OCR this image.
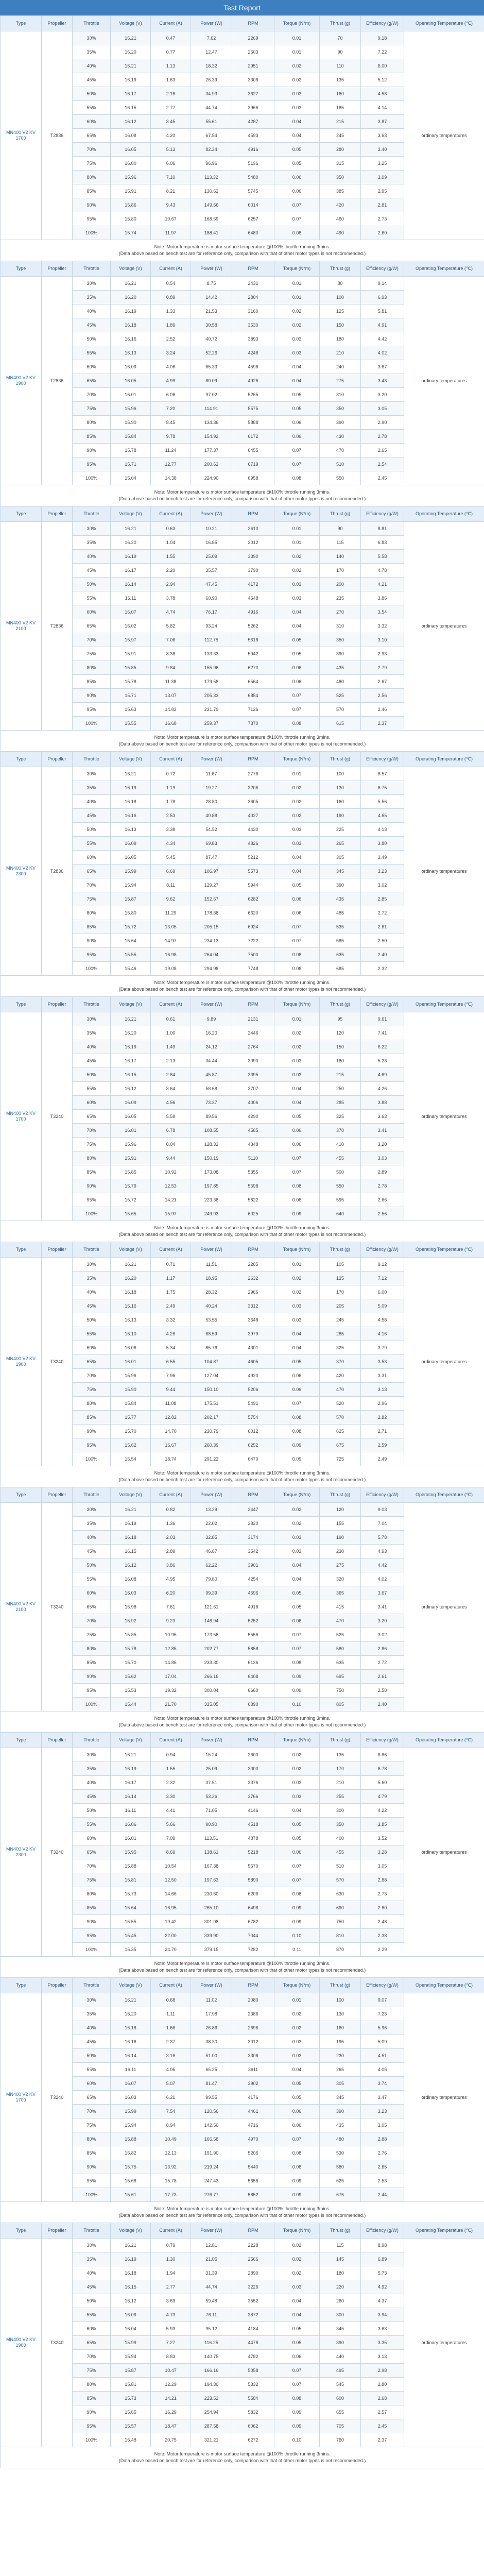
Test Report
Type	Propeller	Throttle	Voltage (V)	Current (A)	Power (W)	RPM	Torque (N*m)	Thrust (g)	Efficiency (g/W)	Operating Temperature (℃)
MN400 V2 KV 1700	T2836	30%	16.21	0.47	7.62	2269	0.01	70	9.18	ordinary temperatures
		35%	16.20	0.77	12.47	2603	0.01	90	7.22	
		40%	16.21	1.13	18.32	2951	0.02	110	6.00	
		45%	16.19	1.63	26.39	3306	0.02	135	5.12	
		50%	16.17	2.16	34.93	3627	0.03	160	4.58	
		55%	16.15	2.77	44.74	3966	0.03	185	4.14	
		60%	16.12	3.45	55.61	4287	0.04	215	3.87	
		65%	16.08	4.20	67.54	4593	0.04	245	3.63	
		70%	16.05	5.13	82.34	4916	0.05	280	3.40	
		75%	16.00	6.06	96.96	5196	0.05	315	3.25	
		80%	15.96	7.10	113.32	5480	0.06	350	3.09	
		85%	15.91	8.21	130.62	5745	0.06	385	2.95	
		90%	15.86	9.43	149.56	6014	0.07	420	2.81	
		95%	15.80	10.67	168.59	6257	0.07	460	2.73	
		100%	15.74	11.97	188.41	6480	0.08	490	2.60	

Note: Motor temperature is motor surface temperature @100% throttle running 3mins.
(Data above based on bench test are for reference only, comparison with that of other motor types is not recommended.)										

Type	Propeller	Throttle	Voltage (V)	Current (A)	Power (W)	RPM	Torque (N*m)	Thrust (g)	Efficiency (g/W)	Operating Temperature (℃)
MN400 V2 KV 1900	T2836	30%	16.21	0.54	8.75	2431	0.01	80	9.14	ordinary temperatures
		35%	16.20	0.89	14.42	2804	0.01	100	6.93	
		40%	16.19	1.33	21.53	3160	0.02	125	5.81	
		45%	16.18	1.89	30.58	3530	0.02	150	4.91	
		50%	16.16	2.52	40.72	3893	0.03	180	4.42	
		55%	16.13	3.24	52.26	4248	0.03	210	4.02	
		60%	16.09	4.06	65.33	4598	0.04	240	3.67	
		65%	16.05	4.99	80.09	4926	0.04	275	3.43	
		70%	16.01	6.06	97.02	5265	0.05	310	3.20	
		75%	15.96	7.20	114.91	5575	0.05	350	3.05	
		80%	15.90	8.45	134.36	5888	0.06	390	2.90	
		85%	15.84	9.78	154.92	6172	0.06	430	2.78	
		90%	15.78	11.24	177.37	6455	0.07	470	2.65	
		95%	15.71	12.77	200.62	6719	0.07	510	2.54	
		100%	15.64	14.38	224.90	6958	0.08	550	2.45	

Note: Motor temperature is motor surface temperature @100% throttle running 3mins.
(Data above based on bench test are for reference only, comparison with that of other motor types is not recommended.)										

Type	Propeller	Throttle	Voltage (V)	Current (A)	Power (W)	RPM	Torque (N*m)	Thrust (g)	Efficiency (g/W)	Operating Temperature (℃)
MN400 V2 KV 2100	T2836	30%	16.21	0.63	10.21	2610	0.01	90	8.81	ordinary temperatures
		35%	16.20	1.04	16.85	3012	0.01	115	6.83	
		40%	16.19	1.55	25.09	3390	0.02	140	5.58	
		45%	16.17	2.20	35.57	3790	0.02	170	4.78	
		50%	16.14	2.94	47.45	4172	0.03	200	4.21	
		55%	16.11	3.78	60.90	4548	0.03	235	3.86	
		60%	16.07	4.74	76.17	4916	0.04	270	3.54	
		65%	16.02	5.82	93.24	5262	0.04	310	3.32	
		70%	15.97	7.06	112.75	5618	0.05	350	3.10	
		75%	15.91	8.38	133.33	5942	0.05	390	2.93	
		80%	15.85	9.84	155.96	6270	0.06	435	2.79	
		85%	15.78	11.38	179.58	6564	0.06	480	2.67	
		90%	15.71	13.07	205.33	6854	0.07	525	2.56	
		95%	15.63	14.83	231.79	7126	0.07	570	2.46	
		100%	15.55	16.68	259.37	7370	0.08	615	2.37	

Note: Motor temperature is motor surface temperature @100% throttle running 3mins.
(Data above based on bench test are for reference only, comparison with that of other motor types is not recommended.)										

Type	Propeller	Throttle	Voltage (V)	Current (A)	Power (W)	RPM	Torque (N*m)	Thrust (g)	Efficiency (g/W)	Operating Temperature (℃)
MN400 V2 KV 2300	T2836	30%	16.21	0.72	11.67	2776	0.01	100	8.57	ordinary temperatures
		35%	16.19	1.19	19.27	3206	0.02	130	6.75	
		40%	16.18	1.78	28.80	3605	0.02	160	5.56	
		45%	16.16	2.53	40.88	4027	0.02	190	4.65	
		50%	16.13	3.38	54.52	4430	0.03	225	4.13	
		55%	16.09	4.34	69.83	4826	0.03	265	3.80	
		60%	16.05	5.45	87.47	5212	0.04	305	3.49	
		65%	15.99	6.69	106.97	5573	0.04	345	3.23	
		70%	15.94	8.11	129.27	5944	0.05	390	3.02	
		75%	15.87	9.62	152.67	6282	0.06	435	2.85	
		80%	15.80	11.29	178.38	6620	0.06	485	2.72	
		85%	15.72	13.05	205.15	6924	0.07	535	2.61	
		90%	15.64	14.97	234.13	7222	0.07	585	2.50	
		95%	15.55	16.98	264.04	7500	0.08	635	2.40	
		100%	15.46	19.08	294.98	7748	0.08	685	2.32	

Note: Motor temperature is motor surface temperature @100% throttle running 3mins.
(Data above based on bench test are for reference only, comparison with that of other motor types is not recommended.)										

Type	Propeller	Throttle	Voltage (V)	Current (A)	Power (W)	RPM	Torque (N*m)	Thrust (g)	Efficiency (g/W)	Operating Temperature (℃)
MN400 V2 KV 1700	T3240	30%	16.21	0.61	9.89	2131	0.01	95	9.61	ordinary temperatures
		35%	16.20	1.00	16.20	2446	0.02	120	7.41	
		40%	16.19	1.49	24.12	2764	0.02	150	6.22	
		45%	16.17	2.13	34.44	3090	0.03	180	5.23	
		50%	16.15	2.84	45.87	3395	0.03	215	4.69	
		55%	16.12	3.64	58.68	3707	0.04	250	4.26	
		60%	16.09	4.56	73.37	4006	0.04	285	3.88	
		65%	16.05	5.58	89.56	4290	0.05	325	3.63	
		70%	16.01	6.78	108.55	4585	0.06	370	3.41	
		75%	15.96	8.04	128.32	4848	0.06	410	3.20	
		80%	15.91	9.44	150.19	5110	0.07	455	3.03	
		85%	15.85	10.92	173.08	5355	0.07	500	2.89	
		90%	15.79	12.53	197.85	5598	0.08	550	2.78	
		95%	15.72	14.21	223.38	5822	0.08	595	2.66	
		100%	15.65	15.97	249.93	6025	0.09	640	2.56	

Note: Motor temperature is motor surface temperature @100% throttle running 3mins.
(Data above based on bench test are for reference only, comparison with that of other motor types is not recommended.)										

Type	Propeller	Throttle	Voltage (V)	Current (A)	Power (W)	RPM	Torque (N*m)	Thrust (g)	Efficiency (g/W)	Operating Temperature (℃)
MN400 V2 KV 1900	T3240	30%	16.21	0.71	11.51	2285	0.01	105	9.12	ordinary temperatures
		35%	16.20	1.17	18.95	2632	0.02	135	7.12	
		40%	16.18	1.75	28.32	2966	0.02	170	6.00	
		45%	16.16	2.49	40.24	3312	0.03	205	5.09	
		50%	16.13	3.32	53.55	3648	0.03	245	4.58	
		55%	16.10	4.26	68.59	3979	0.04	285	4.16	
		60%	16.06	5.34	85.76	4301	0.04	325	3.79	
		65%	16.01	6.55	104.87	4605	0.05	370	3.53	
		70%	15.96	7.96	127.04	4920	0.06	420	3.31	
		75%	15.90	9.44	150.10	5206	0.06	470	3.13	
		80%	15.84	11.08	175.51	5491	0.07	520	2.96	
		85%	15.77	12.82	202.17	5754	0.08	570	2.82	
		90%	15.70	14.70	230.79	6012	0.08	625	2.71	
		95%	15.62	16.67	260.39	6252	0.09	675	2.59	
		100%	15.54	18.74	291.22	6470	0.09	725	2.49	

Note: Motor temperature is motor surface temperature @100% throttle running 3mins.
(Data above based on bench test are for reference only, comparison with that of other motor types is not recommended.)										

Type	Propeller	Throttle	Voltage (V)	Current (A)	Power (W)	RPM	Torque (N*m)	Thrust (g)	Efficiency (g/W)	Operating Temperature (℃)
MN400 V2 KV 2100	T3240	30%	16.21	0.82	13.29	2447	0.02	120	9.03	ordinary temperatures
		35%	16.19	1.36	22.02	2820	0.02	155	7.04	
		40%	16.18	2.03	32.85	3174	0.03	190	5.78	
		45%	16.15	2.89	46.67	3542	0.03	230	4.93	
		50%	16.12	3.86	62.22	3901	0.04	275	4.42	
		55%	16.08	4.95	79.60	4254	0.04	320	4.02	
		60%	16.03	6.20	99.39	4596	0.05	365	3.67	
		65%	15.98	7.61	121.61	4918	0.05	415	3.41	
		70%	15.92	9.23	146.94	5252	0.06	470	3.20	
		75%	15.85	10.95	173.56	5556	0.07	525	3.02	
		80%	15.78	12.85	202.77	5858	0.07	580	2.86	
		85%	15.70	14.86	233.30	6136	0.08	635	2.72	
		90%	15.62	17.04	266.16	6408	0.09	695	2.61	
		95%	15.53	19.32	300.04	6660	0.09	750	2.50	
		100%	15.44	21.70	335.05	6890	0.10	805	2.40	

Note: Motor temperature is motor surface temperature @100% throttle running 3mins.
(Data above based on bench test are for reference only, comparison with that of other motor types is not recommended.)										

Type	Propeller	Throttle	Voltage (V)	Current (A)	Power (W)	RPM	Torque (N*m)	Thrust (g)	Efficiency (g/W)	Operating Temperature (℃)
MN400 V2 KV 2300	T3240	30%	16.21	0.94	15.24	2603	0.02	135	8.86	ordinary temperatures
		35%	16.19	1.55	25.09	3000	0.02	170	6.78	
		40%	16.17	2.32	37.51	3376	0.03	210	5.60	
		45%	16.14	3.30	53.26	3766	0.03	255	4.79	
		50%	16.11	4.41	71.05	4146	0.04	300	4.22	
		55%	16.06	5.66	90.90	4518	0.05	350	3.85	
		60%	16.01	7.09	113.51	4878	0.05	400	3.52	
		65%	15.95	8.69	138.61	5218	0.06	455	3.28	
		70%	15.88	10.54	167.38	5570	0.07	510	3.05	
		75%	15.81	12.50	197.63	5890	0.07	570	2.88	
		80%	15.73	14.66	230.60	6206	0.08	630	2.73	
		85%	15.64	16.95	265.10	6498	0.09	690	2.60	
		90%	15.55	19.42	301.98	6782	0.09	750	2.48	
		95%	15.45	22.00	339.90	7044	0.10	810	2.38	
		100%	15.35	24.70	379.15	7282	0.11	870	2.29	

Note: Motor temperature is motor surface temperature @100% throttle running 3mins.
(Data above based on bench test are for reference only, comparison with that of other motor types is not recommended.)										

Type	Propeller	Throttle	Voltage (V)	Current (A)	Power (W)	RPM	Torque (N*m)	Thrust (g)	Efficiency (g/W)	Operating Temperature (℃)
MN400 V2 KV 1700	T3240	30%	16.21	0.68	11.02	2080	0.01	100	9.07	ordinary temperatures
		35%	16.20	1.11	17.98	2386	0.02	130	7.23	
		40%	16.18	1.66	26.86	2696	0.02	160	5.96	
		45%	16.16	2.37	38.30	3012	0.03	195	5.09	
		50%	16.14	3.16	51.00	3308	0.03	230	4.51	
		55%	16.11	4.05	65.25	3611	0.04	265	4.06	
		60%	16.07	5.07	81.47	3902	0.05	305	3.74	
		65%	16.03	6.21	99.55	4176	0.05	345	3.47	
		70%	15.99	7.54	120.56	4461	0.06	390	3.23	
		75%	15.94	8.94	142.50	4716	0.06	435	3.05	
		80%	15.88	10.49	166.58	4970	0.07	480	2.88	
		85%	15.82	12.13	191.90	5206	0.08	530	2.76	
		90%	15.75	13.92	219.24	5440	0.08	580	2.65	
		95%	15.68	15.78	247.43	5656	0.09	625	2.53	
		100%	15.61	17.73	276.77	5852	0.09	675	2.44	

Note: Motor temperature is motor surface temperature @100% throttle running 3mins.
(Data above based on bench test are for reference only, comparison with that of other motor types is not recommended.)										

Type	Propeller	Throttle	Voltage (V)	Current (A)	Power (W)	RPM	Torque (N*m)	Thrust (g)	Efficiency (g/W)	Operating Temperature (℃)
MN400 V2 KV 1900	T3240	30%	16.21	0.79	12.81	2228	0.02	115	8.98	ordinary temperatures
		35%	16.19	1.30	21.05	2566	0.02	145	6.89	
		40%	16.18	1.94	31.39	2890	0.02	180	5.73	
		45%	16.15	2.77	44.74	3226	0.03	220	4.92	
		50%	16.12	3.69	59.48	3552	0.04	260	4.37	
		55%	16.09	4.73	76.11	3872	0.04	300	3.94	
		60%	16.04	5.93	95.12	4184	0.05	345	3.63	
		65%	15.99	7.27	116.25	4478	0.05	390	3.35	
		70%	15.94	8.83	140.75	4782	0.06	440	3.13	
		75%	15.87	10.47	166.16	5058	0.07	495	2.98	
		80%	15.81	12.29	194.30	5332	0.07	545	2.80	
		85%	15.73	14.21	223.52	5584	0.08	600	2.68	
		90%	15.65	16.29	254.94	5832	0.09	655	2.57	
		95%	15.57	18.47	287.58	6062	0.09	705	2.45	
		100%	15.48	20.75	321.21	6272	0.10	760	2.37	

Note: Motor temperature is motor surface temperature @100% throttle running 3mins.
(Data above based on bench test are for reference only, comparison with that of other motor types is not recommended.)										
